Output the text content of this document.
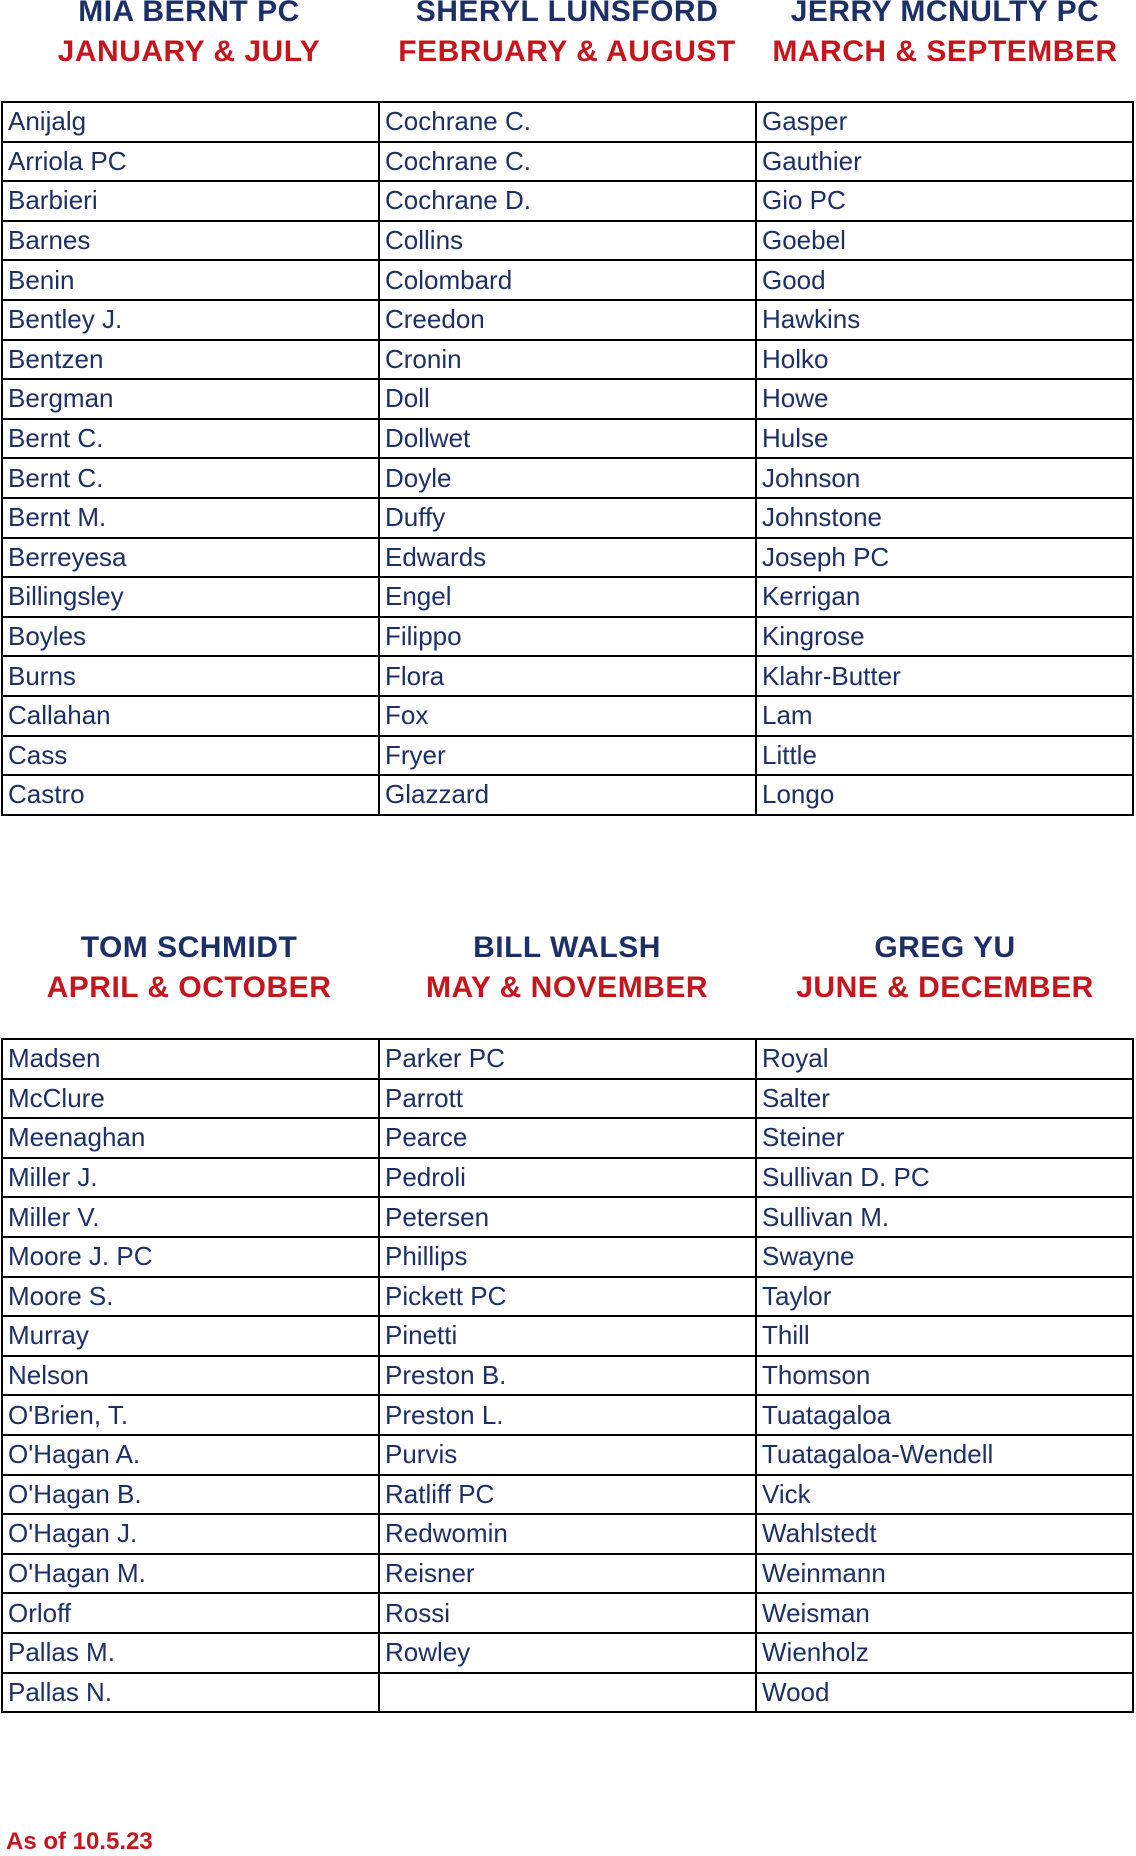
MIA BERNT PC
JANUARY & JULY
SHERYL LUNSFORD
FEBRUARY & AUGUST
JERRY MCNULTY PC
MARCH & SEPTEMBER
Anijalg	Cochrane C.	Gasper
Arriola PC	Cochrane C.	Gauthier
Barbieri	Cochrane D.	Gio PC
Barnes	Collins	Goebel
Benin	Colombard	Good
Bentley J.	Creedon	Hawkins
Bentzen	Cronin	Holko
Bergman	Doll	Howe
Bernt C.	Dollwet	Hulse
Bernt C.	Doyle	Johnson
Bernt M.	Duffy	Johnstone
Berreyesa	Edwards	Joseph PC
Billingsley	Engel	Kerrigan
Boyles	Filippo	Kingrose
Burns	Flora	Klahr-Butter
Callahan	Fox	Lam
Cass	Fryer	Little
Castro	Glazzard	Longo
TOM SCHMIDT
APRIL & OCTOBER
BILL WALSH
MAY & NOVEMBER
GREG YU
JUNE & DECEMBER
Madsen	Parker PC	Royal
McClure	Parrott	Salter
Meenaghan	Pearce	Steiner
Miller J.	Pedroli	Sullivan D. PC
Miller V.	Petersen	Sullivan M.
Moore J. PC	Phillips	Swayne
Moore S.	Pickett PC	Taylor
Murray	Pinetti	Thill
Nelson	Preston B.	Thomson
O'Brien, T.	Preston L.	Tuatagaloa
O'Hagan A.	Purvis	Tuatagaloa-Wendell
O'Hagan B.	Ratliff PC	Vick
O'Hagan J.	Redwomin	Wahlstedt
O'Hagan M.	Reisner	Weinmann
Orloff	Rossi	Weisman
Pallas M.	Rowley	Wienholz
Pallas N.		Wood
As of 10.5.23
